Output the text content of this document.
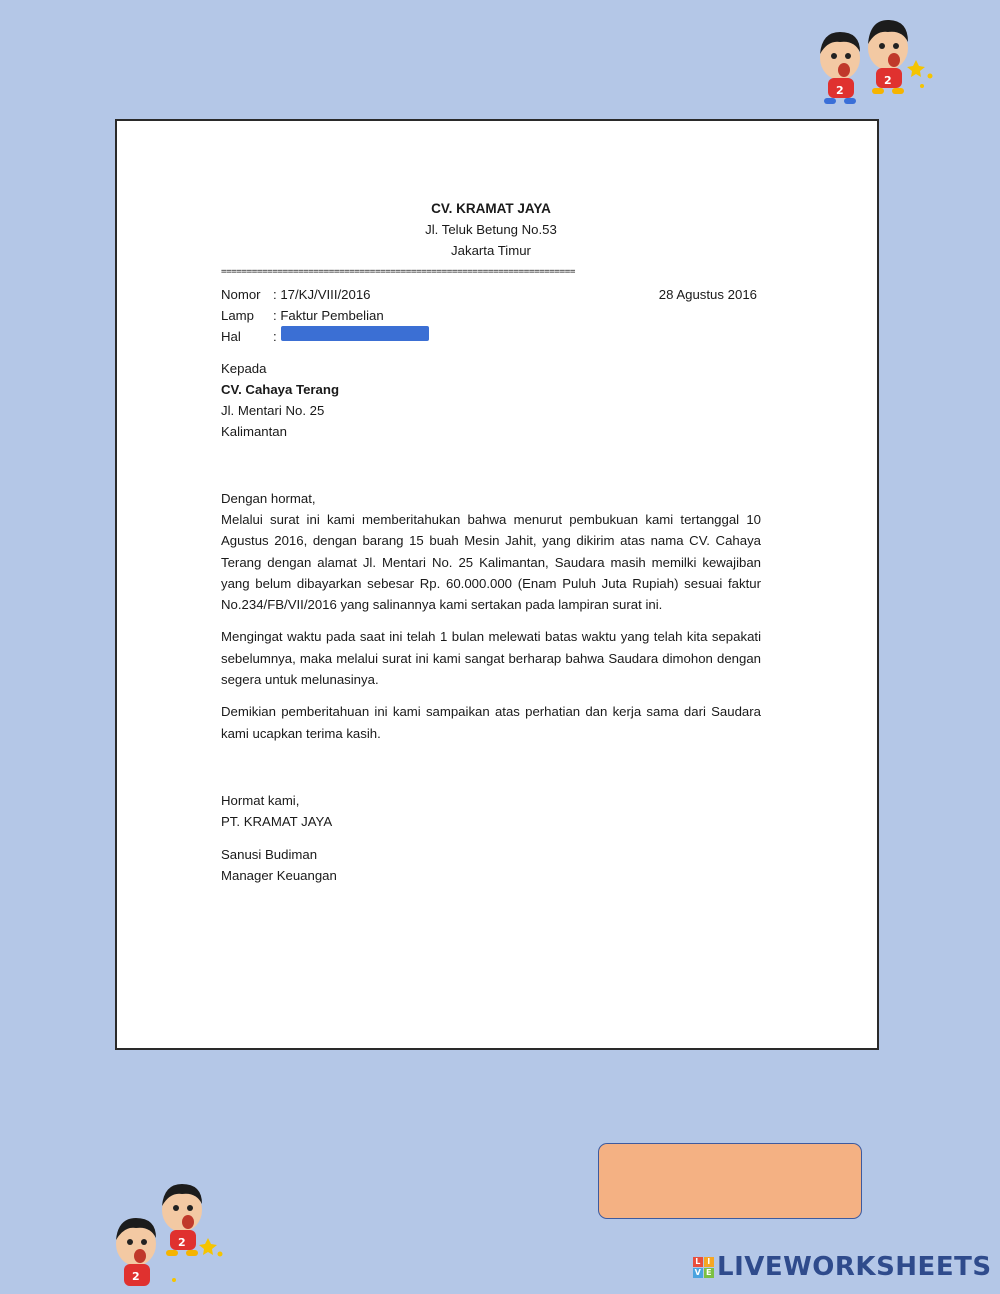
2
2
CV. KRAMAT JAYA
Jl. Teluk Betung No.53
Jakarta Timur
=====================================================================
Nomor : 17/KJ/VIII/2016	28 Agustus 2016
Lamp	: Faktur Pembelian
Hal	:
Kepada
CV. Cahaya Terang
Jl. Mentari No. 25
Kalimantan
Dengan hormat,

Melalui surat ini kami memberitahukan bahwa menurut pembukuan kami tertanggal 10 Agustus 2016, dengan barang 15 buah Mesin Jahit, yang dikirim atas nama CV. Cahaya Terang dengan alamat Jl. Mentari No. 25 Kalimantan, Saudara masih memilki kewajiban yang belum dibayarkan sebesar Rp. 60.000.000 (Enam Puluh Juta Rupiah) sesuai faktur No.234/FB/VII/2016 yang salinannya kami sertakan pada lampiran surat ini.

Mengingat waktu pada saat ini telah 1 bulan melewati batas waktu yang telah kita sepakati sebelumnya, maka melalui surat ini kami sangat berharap bahwa Saudara dimohon dengan segera untuk melunasinya.

Demikian pemberitahuan ini kami sampaikan atas perhatian dan kerja sama dari Saudara kami ucapkan terima kasih.

Hormat kami,
PT. KRAMAT JAYA
Sanusi Budiman
Manager Keuangan
2
2
L I
V E LIVEWORKSHEETS
